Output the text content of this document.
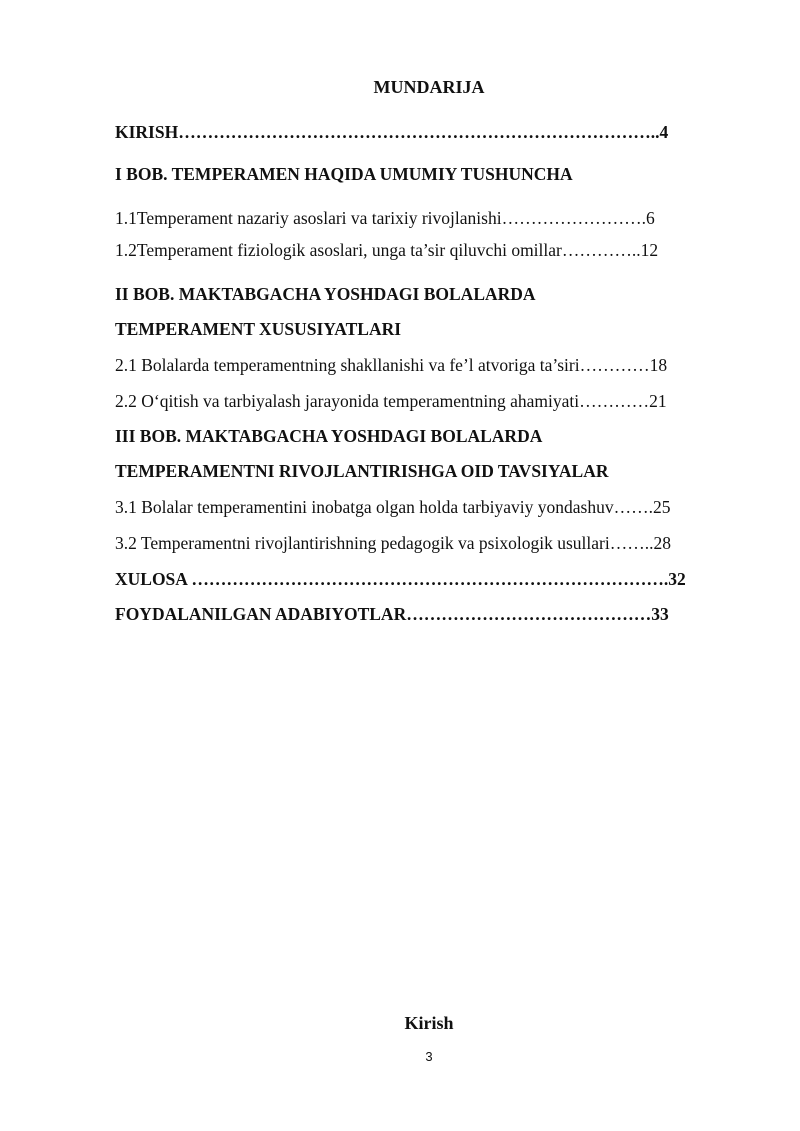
MUNDARIJA
KIRISH………………………………………………………………………..4
I BOB. TEMPERAMEN HAQIDA UMUMIY TUSHUNCHA
1.1Temperament nazariy asoslari va tarixiy rivojlanishi…………………….6
1.2Temperament fiziologik asoslari, unga ta’sir qiluvchi omillar…………..12
II BOB. MAKTABGACHA YOSHDAGI BOLALARDA
TEMPERAMENT XUSUSIYATLARI
2.1 Bolalarda temperamentning shakllanishi va fe’l atvoriga ta’siri…………18
2.2 O‘qitish va tarbiyalash jarayonida temperamentning ahamiyati…………21
III BOB. MAKTABGACHA YOSHDAGI BOLALARDA
TEMPERAMENTNI RIVOJLANTIRISHGA OID TAVSIYALAR
3.1 Bolalar temperamentini inobatga olgan holda tarbiyaviy yondashuv…….25
3.2 Temperamentni rivojlantirishning pedagogik va psixologik usullari……..28
XULOSA ……………………………………………………………………….32
FOYDALANILGAN ADABIYOTLAR……………………………………33
Kirish
3
